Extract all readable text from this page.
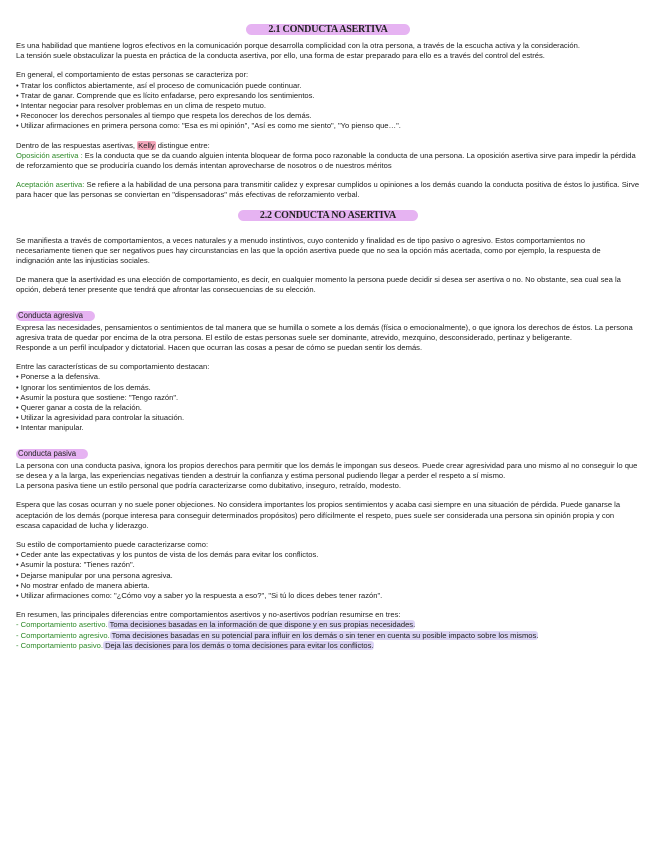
2.1 CONDUCTA ASERTIVA

Es una habilidad que mantiene logros efectivos en la comunicación porque desarrolla complicidad con la otra persona, a través de la escucha activa y la consideración.

La tensión suele obstaculizar la puesta en práctica de la conducta asertiva, por ello, una forma de estar preparado para ello es a través del control del estrés.

En general, el comportamiento de estas personas se caracteriza por:

• Tratar los conflictos abiertamente, así el proceso de comunicación puede continuar.
• Tratar de ganar. Comprende que es lícito enfadarse, pero expresando los sentimientos.
• Intentar negociar para resolver problemas en un clima de respeto mutuo.
• Reconocer los derechos personales al tiempo que respeta los derechos de los demás.
• Utilizar afirmaciones en primera persona como: "Esa es mi opinión", "Así es como me siento", "Yo pienso que…".

Dentro de las respuestas asertivas, Kelly distingue entre:

Oposición asertiva : Es la conducta que se da cuando alguien intenta bloquear de forma poco razonable la conducta de una persona. La oposición asertiva sirve para impedir la pérdida de reforzamiento que se produciría cuando los demás intentan aprovecharse de nosotros o de nuestros méritos

Aceptación asertiva: Se refiere a la habilidad de una persona para transmitir calidez y expresar cumplidos u opiniones a los demás cuando la conducta positiva de éstos lo justifica. Sirve para hacer que las personas se conviertan en "dispensadoras" más efectivas de reforzamiento verbal.

2.2 CONDUCTA NO ASERTIVA

Se manifiesta a través de comportamientos, a veces naturales y a menudo instintivos, cuyo contenido y finalidad es de tipo pasivo o agresivo. Estos comportamientos no necesariamente tienen que ser negativos pues hay circunstancias en las que la opción asertiva puede que no sea la opción más acertada, como por ejemplo, la respuesta de indignación ante las injusticias sociales.

De manera que la asertividad es una elección de comportamiento, es decir, en cualquier momento la persona puede decidir si desea ser asertiva o no. No obstante, sea cual sea la opción, deberá tener presente que tendrá que afrontar las consecuencias de su elección.

Conducta agresiva

Expresa las necesidades, pensamientos o sentimientos de tal manera que se humilla o somete a los demás (física o emocionalmente), o que ignora los derechos de éstos. La persona agresiva trata de quedar por encima de la otra persona. El estilo de estas personas suele ser dominante, atrevido, mezquino, desconsiderado, pertinaz y beligerante.

Responde a un perfil inculpador y dictatorial. Hacen que ocurran las cosas a pesar de cómo se puedan sentir los demás.

Entre las características de su comportamiento destacan:

• Ponerse a la defensiva.
• Ignorar los sentimientos de los demás.
• Asumir la postura que sostiene: "Tengo razón".
• Querer ganar a costa de la relación.
• Utilizar la agresividad para controlar la situación.
• Intentar manipular.
Conducta pasiva

La persona con una conducta pasiva, ignora los propios derechos para permitir que los demás le impongan sus deseos. Puede crear agresividad para uno mismo al no conseguir lo que se desea y a la larga, las experiencias negativas tienden a destruir la confianza y estima personal pudiendo llegar a perder el respeto a sí mismo.

La persona pasiva tiene un estilo personal que podría caracterizarse como dubitativo, inseguro, retraído, modesto.

Espera que las cosas ocurran y no suele poner objeciones. No considera importantes los propios sentimientos y acaba casi siempre en una situación de pérdida. Puede ganarse la aceptación de los demás (porque interesa para conseguir determinados propósitos) pero difícilmente el respeto, pues suele ser considerada una persona sin opinión propia y con escasa capacidad de lucha y liderazgo.

Su estilo de comportamiento puede caracterizarse como:

• Ceder ante las expectativas y los puntos de vista de los demás para evitar los conflictos.
• Asumir la postura: "Tienes razón".
• Dejarse manipular por una persona agresiva.
• No mostrar enfado de manera abierta.
• Utilizar afirmaciones como: "¿Cómo voy a saber yo la respuesta a eso?", "Si tú lo dices debes tener razón".

En resumen, las principales diferencias entre comportamientos asertivos y no-asertivos podrían resumirse en tres:

- Comportamiento asertivo. Toma decisiones basadas en la información de que dispone y en sus propias necesidades.

- Comportamiento agresivo. Toma decisiones basadas en su potencial para influir en los demás o sin tener en cuenta su posible impacto sobre los mismos.

- Comportamiento pasivo. Deja las decisiones para los demás o toma decisiones para evitar los conflictos.
